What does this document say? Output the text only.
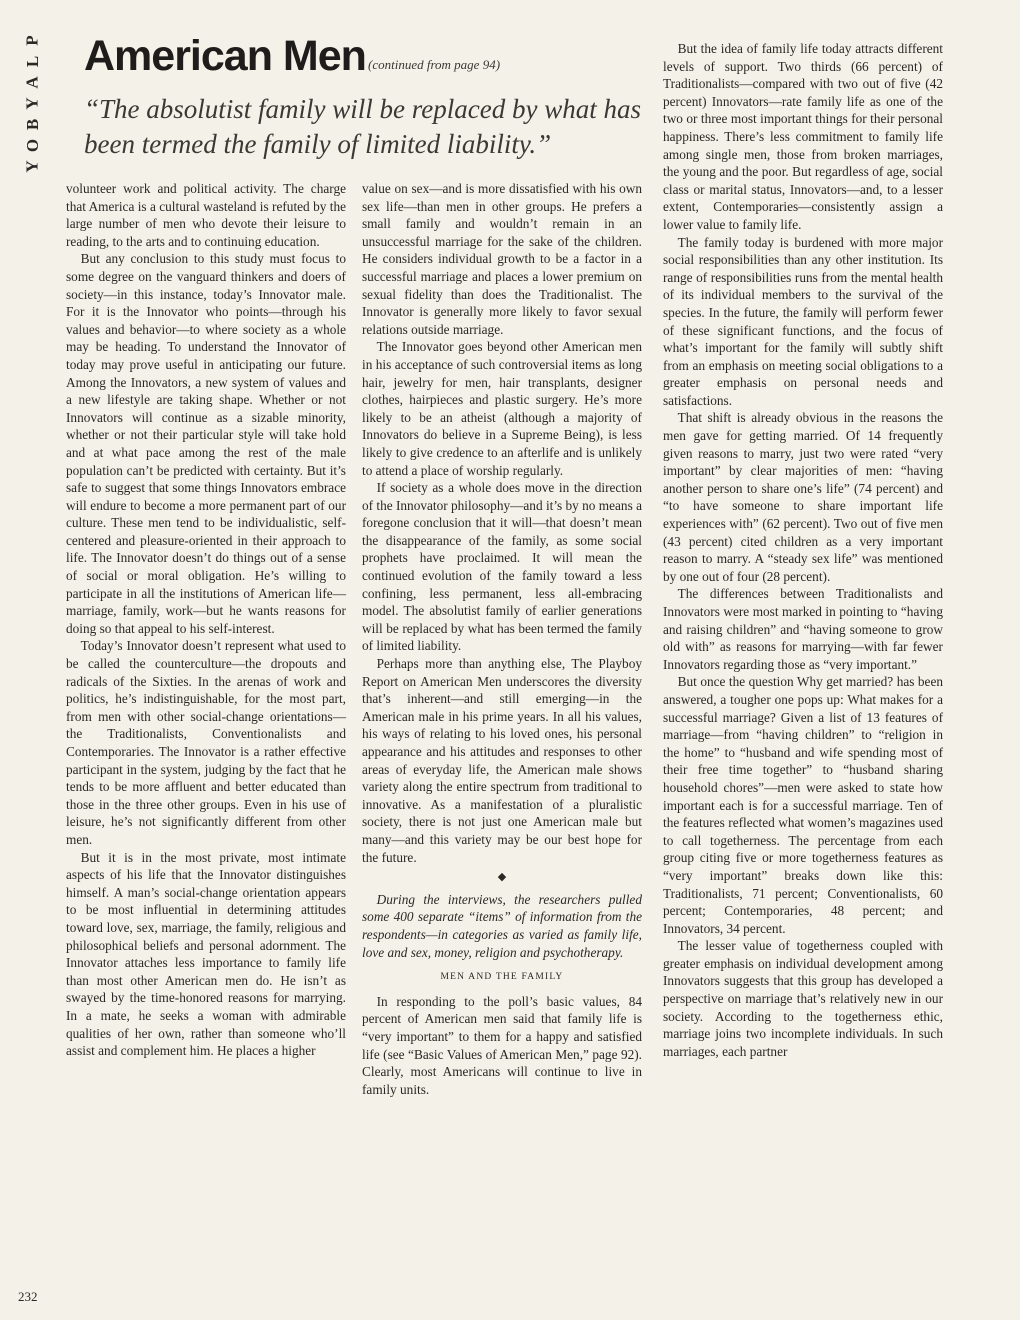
P
L
A
Y
B
O
Y
American Men (continued from page 94)
“The absolutist family will be replaced by what has been termed the family of limited liability.”

volunteer work and political activity. The charge that America is a cultural wasteland is refuted by the large number of men who devote their leisure to reading, to the arts and to continuing education.

But any conclusion to this study must focus to some degree on the vanguard thinkers and doers of society—in this instance, today’s Innovator male. For it is the Innovator who points—through his values and behavior—to where society as a whole may be heading. To understand the Innovator of today may prove useful in anticipating our future. Among the Innovators, a new system of values and a new lifestyle are taking shape. Whether or not Innovators will continue as a sizable minority, whether or not their particular style will take hold and at what pace among the rest of the male population can’t be predicted with certainty. But it’s safe to suggest that some things Innovators embrace will endure to become a more permanent part of our culture. These men tend to be individualistic, self-centered and pleasure-oriented in their approach to life. The Innovator doesn’t do things out of a sense of social or moral obligation. He’s willing to participate in all the institutions of American life—marriage, family, work—but he wants reasons for doing so that appeal to his self-interest.

Today’s Innovator doesn’t represent what used to be called the counterculture—the dropouts and radicals of the Sixties. In the arenas of work and politics, he’s indistinguishable, for the most part, from men with other social-change orientations—the Traditionalists, Conventionalists and Contemporaries. The Innovator is a rather effective participant in the system, judging by the fact that he tends to be more affluent and better educated than those in the three other groups. Even in his use of leisure, he’s not significantly different from other men.

But it is in the most private, most intimate aspects of his life that the Innovator distinguishes himself. A man’s social-change orientation appears to be most influential in determining attitudes toward love, sex, marriage, the family, religious and philosophical beliefs and personal adornment. The Innovator attaches less importance to family life than most other American men do. He isn’t as swayed by the time-honored reasons for marrying. In a mate, he seeks a woman with admirable qualities of her own, rather than someone who’ll assist and complement him. He places a higher

value on sex—and is more dissatisfied with his own sex life—than men in other groups. He prefers a small family and wouldn’t remain in an unsuccessful marriage for the sake of the children. He considers individual growth to be a factor in a successful marriage and places a lower premium on sexual fidelity than does the Traditionalist. The Innovator is generally more likely to favor sexual relations outside marriage.

The Innovator goes beyond other American men in his acceptance of such controversial items as long hair, jewelry for men, hair transplants, designer clothes, hairpieces and plastic surgery. He’s more likely to be an atheist (although a majority of Innovators do believe in a Supreme Being), is less likely to give credence to an afterlife and is unlikely to attend a place of worship regularly.

If society as a whole does move in the direction of the Innovator philosophy—and it’s by no means a foregone conclusion that it will—that doesn’t mean the disappearance of the family, as some social prophets have proclaimed. It will mean the continued evolution of the family toward a less confining, less permanent, less all-embracing model. The absolutist family of earlier generations will be replaced by what has been termed the family of limited liability.

Perhaps more than anything else, The Playboy Report on American Men underscores the diversity that’s inherent—and still emerging—in the American male in his prime years. In all his values, his ways of relating to his loved ones, his personal appearance and his attitudes and responses to other areas of everyday life, the American male shows variety along the entire spectrum from traditional to innovative. As a manifestation of a pluralistic society, there is not just one American male but many—and this variety may be our best hope for the future.

◆

During the interviews, the researchers pulled some 400 separate “items” of information from the respondents—in categories as varied as family life, love and sex, money, religion and psychotherapy.

MEN AND THE FAMILY

In responding to the poll’s basic values, 84 percent of American men said that family life is “very important” to them for a happy and satisfied life (see “Basic Values of American Men,” page 92). Clearly, most Americans will continue to live in family units.

But the idea of family life today attracts different levels of support. Two thirds (66 percent) of Traditionalists—compared with two out of five (42 percent) Innovators—rate family life as one of the two or three most important things for their personal happiness. There’s less commitment to family life among single men, those from broken marriages, the young and the poor. But regardless of age, social class or marital status, Innovators—and, to a lesser extent, Contemporaries—consistently assign a lower value to family life.

The family today is burdened with more major social responsibilities than any other institution. Its range of responsibilities runs from the mental health of its individual members to the survival of the species. In the future, the family will perform fewer of these significant functions, and the focus of what’s important for the family will subtly shift from an emphasis on meeting social obligations to a greater emphasis on personal needs and satisfactions.

That shift is already obvious in the reasons the men gave for getting married. Of 14 frequently given reasons to marry, just two were rated “very important” by clear majorities of men: “having another person to share one’s life” (74 percent) and “to have someone to share important life experiences with” (62 percent). Two out of five men (43 percent) cited children as a very important reason to marry. A “steady sex life” was mentioned by one out of four (28 percent).

The differences between Traditionalists and Innovators were most marked in pointing to “having and raising children” and “having someone to grow old with” as reasons for marrying—with far fewer Innovators regarding those as “very important.”

But once the question Why get married? has been answered, a tougher one pops up: What makes for a successful marriage? Given a list of 13 features of marriage—from “having children” to “religion in the home” to “husband and wife spending most of their free time together” to “husband sharing household chores”—men were asked to state how important each is for a successful marriage. Ten of the features reflected what women’s magazines used to call togetherness. The percentage from each group citing five or more togetherness features as “very important” breaks down like this: Traditionalists, 71 percent; Conventionalists, 60 percent; Contemporaries, 48 percent; and Innovators, 34 percent.

The lesser value of togetherness coupled with greater emphasis on individual development among Innovators suggests that this group has developed a perspective on marriage that’s relatively new in our society. According to the togetherness ethic, marriage joins two incomplete individuals. In such marriages, each partner

232
